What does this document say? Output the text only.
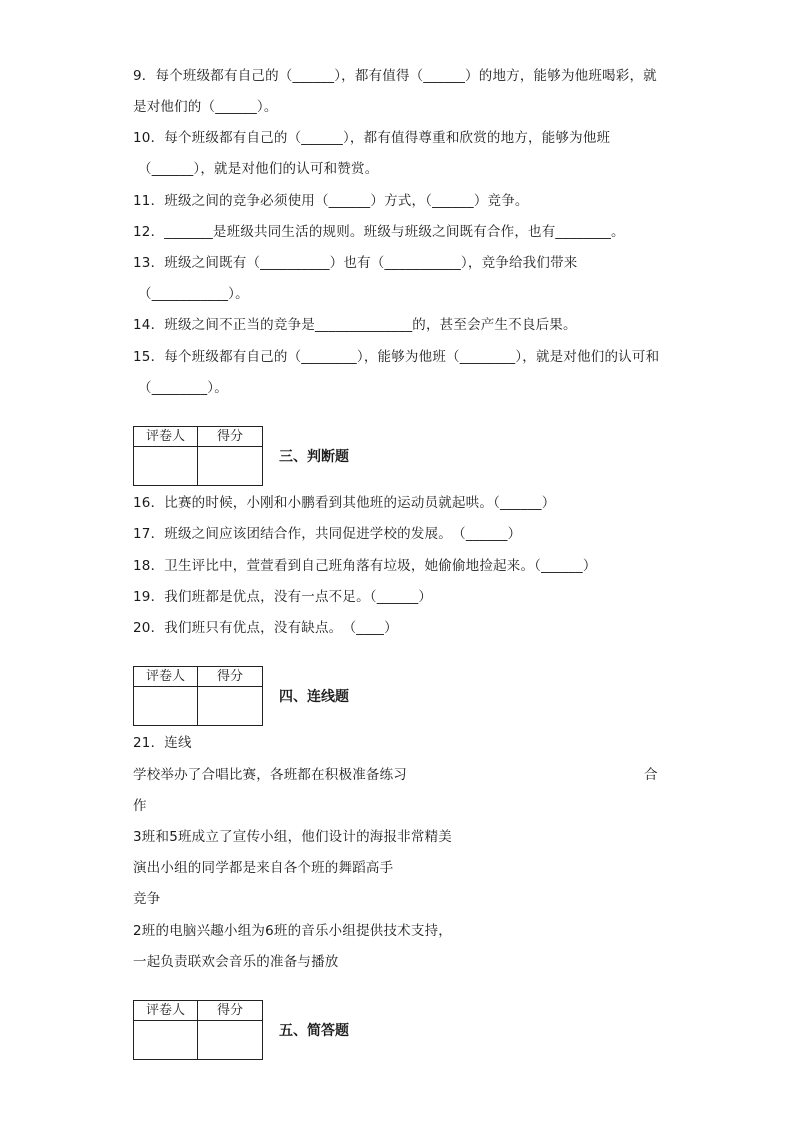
9．每个班级都有自己的（______），都有值得（______）的地方，能够为他班喝彩，就
是对他们的（______）。
10．每个班级都有自己的（______），都有值得尊重和欣赏的地方，能够为他班
（______），就是对他们的认可和赞赏。
11．班级之间的竞争必须使用（______）方式，（______）竞争。
12．_______是班级共同生活的规则。班级与班级之间既有合作，也有________。
13．班级之间既有（__________）也有（___________），竞争给我们带来
（___________）。
14．班级之间不正当的竞争是______________的，甚至会产生不良后果。
15．每个班级都有自己的（________），能够为他班（________），就是对他们的认可和
（________）。
评卷人	得分
三、判断题
16．比赛的时候，小刚和小鹏看到其他班的运动员就起哄。（______）
17．班级之间应该团结合作，共同促进学校的发展。　（______）
18．卫生评比中，萱萱看到自己班角落有垃圾，她偷偷地捡起来。（______）
19．我们班都是优点，没有一点不足。（______）
20．我们班只有优点，没有缺点。　（____）
评卷人	得分
四、连线题
21．连线
学校举办了合唱比赛，各班都在积极准备练习	合
作
3班和5班成立了宣传小组，他们设计的海报非常精美
演出小组的同学都是来自各个班的舞蹈高手
竞争
2班的电脑兴趣小组为6班的音乐小组提供技术支持，
一起负责联欢会音乐的准备与播放
评卷人	得分
五、简答题
